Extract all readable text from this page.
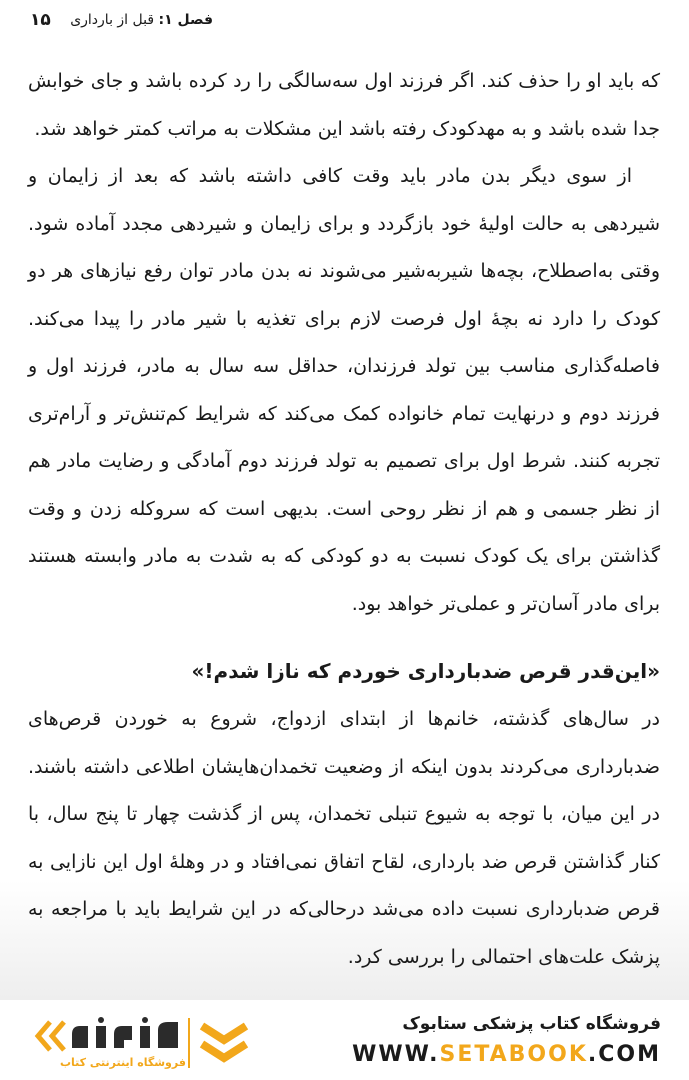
۱۵	فصل ۱: قبل از بارداری

که باید او را حذف کند. اگر فرزند اول سه‌سالگی را رد کرده باشد و جای خوابش جدا شده باشد و به مهدکودک رفته باشد این مشکلات به مراتب کمتر خواهد شد.

از سوی دیگر بدن مادر باید وقت کافی داشته باشد که بعد از زایمان و شیردهی به حالت اولیهٔ خود بازگردد و برای زایمان و شیردهی مجدد آماده شود. وقتی به‌اصطلاح، بچه‌ها شیربه‌شیر می‌شوند نه بدن مادر توان رفع نیازهای هر دو کودک را دارد نه بچهٔ اول فرصت لازم برای تغذیه با شیر مادر را پیدا می‌کند. فاصله‌گذاری مناسب بین تولد فرزندان، حداقل سه سال به مادر، فرزند اول و فرزند دوم و درنهایت تمام خانواده کمک می‌کند که شرایط کم‌تنش‌تر و آرام‌تری تجربه کنند. شرط اول برای تصمیم به تولد فرزند دوم آمادگی و رضایت مادر هم از نظر جسمی و هم از نظر روحی است. بدیهی است که سروکله زدن و وقت گذاشتن برای یک کودک نسبت به دو کودکی که به شدت به مادر وابسته هستند برای مادر آسان‌تر و عملی‌تر خواهد بود.

«این‌قدر قرص ضدبارداری خوردم که نازا شدم!»

در سال‌های گذشته، خانم‌ها از ابتدای ازدواج، شروع به خوردن قرص‌های ضدبارداری می‌کردند بدون اینکه از وضعیت تخمدان‌هایشان اطلاعی داشته باشند. در این میان، با توجه به شیوع تنبلی تخمدان، پس از گذشت چهار تا پنج سال، با کنار گذاشتن قرص ضد بارداری، لقاح اتفاق نمی‌افتاد و در وهلهٔ اول این نازایی به قرص ضدبارداری نسبت داده می‌شد درحالی‌که در این شرایط باید با مراجعه به پزشک علت‌های احتمالی را بررسی کرد.

فروشگاه اینترنتی کتاب
فروشگاه کتاب پزشکی ستابوک
WWW.SETABOOK.COM
